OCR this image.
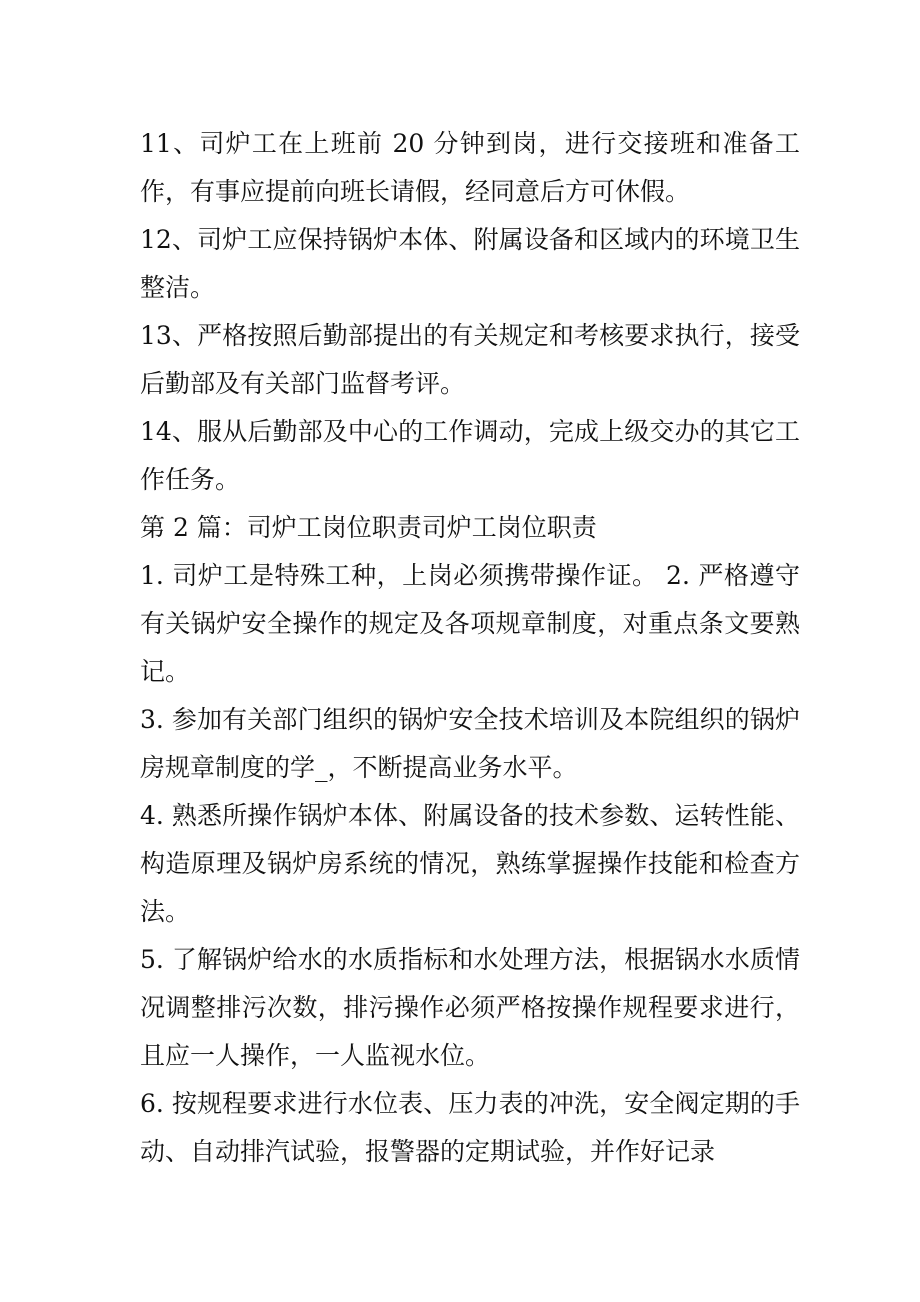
11、司炉工在上班前 20 分钟到岗，进行交接班和准备工作，有事应提前向班长请假，经同意后方可休假。

12、司炉工应保持锅炉本体、附属设备和区域内的环境卫生整洁。

13、严格按照后勤部提出的有关规定和考核要求执行，接受后勤部及有关部门监督考评。

14、服从后勤部及中心的工作调动，完成上级交办的其它工作任务。

第 2 篇：司炉工岗位职责司炉工岗位职责

1. 司炉工是特殊工种，上岗必须携带操作证。 2. 严格遵守有关锅炉安全操作的规定及各项规章制度，对重点条文要熟记。

3. 参加有关部门组织的锅炉安全技术培训及本院组织的锅炉房规章制度的学_，不断提高业务水平。

4. 熟悉所操作锅炉本体、附属设备的技术参数、运转性能、构造原理及锅炉房系统的情况，熟练掌握操作技能和检查方法。

5. 了解锅炉给水的水质指标和水处理方法，根据锅水水质情况调整排污次数，排污操作必须严格按操作规程要求进行，且应一人操作，一人监视水位。

6. 按规程要求进行水位表、压力表的冲洗，安全阀定期的手动、自动排汽试验，报警器的定期试验，并作好记录
